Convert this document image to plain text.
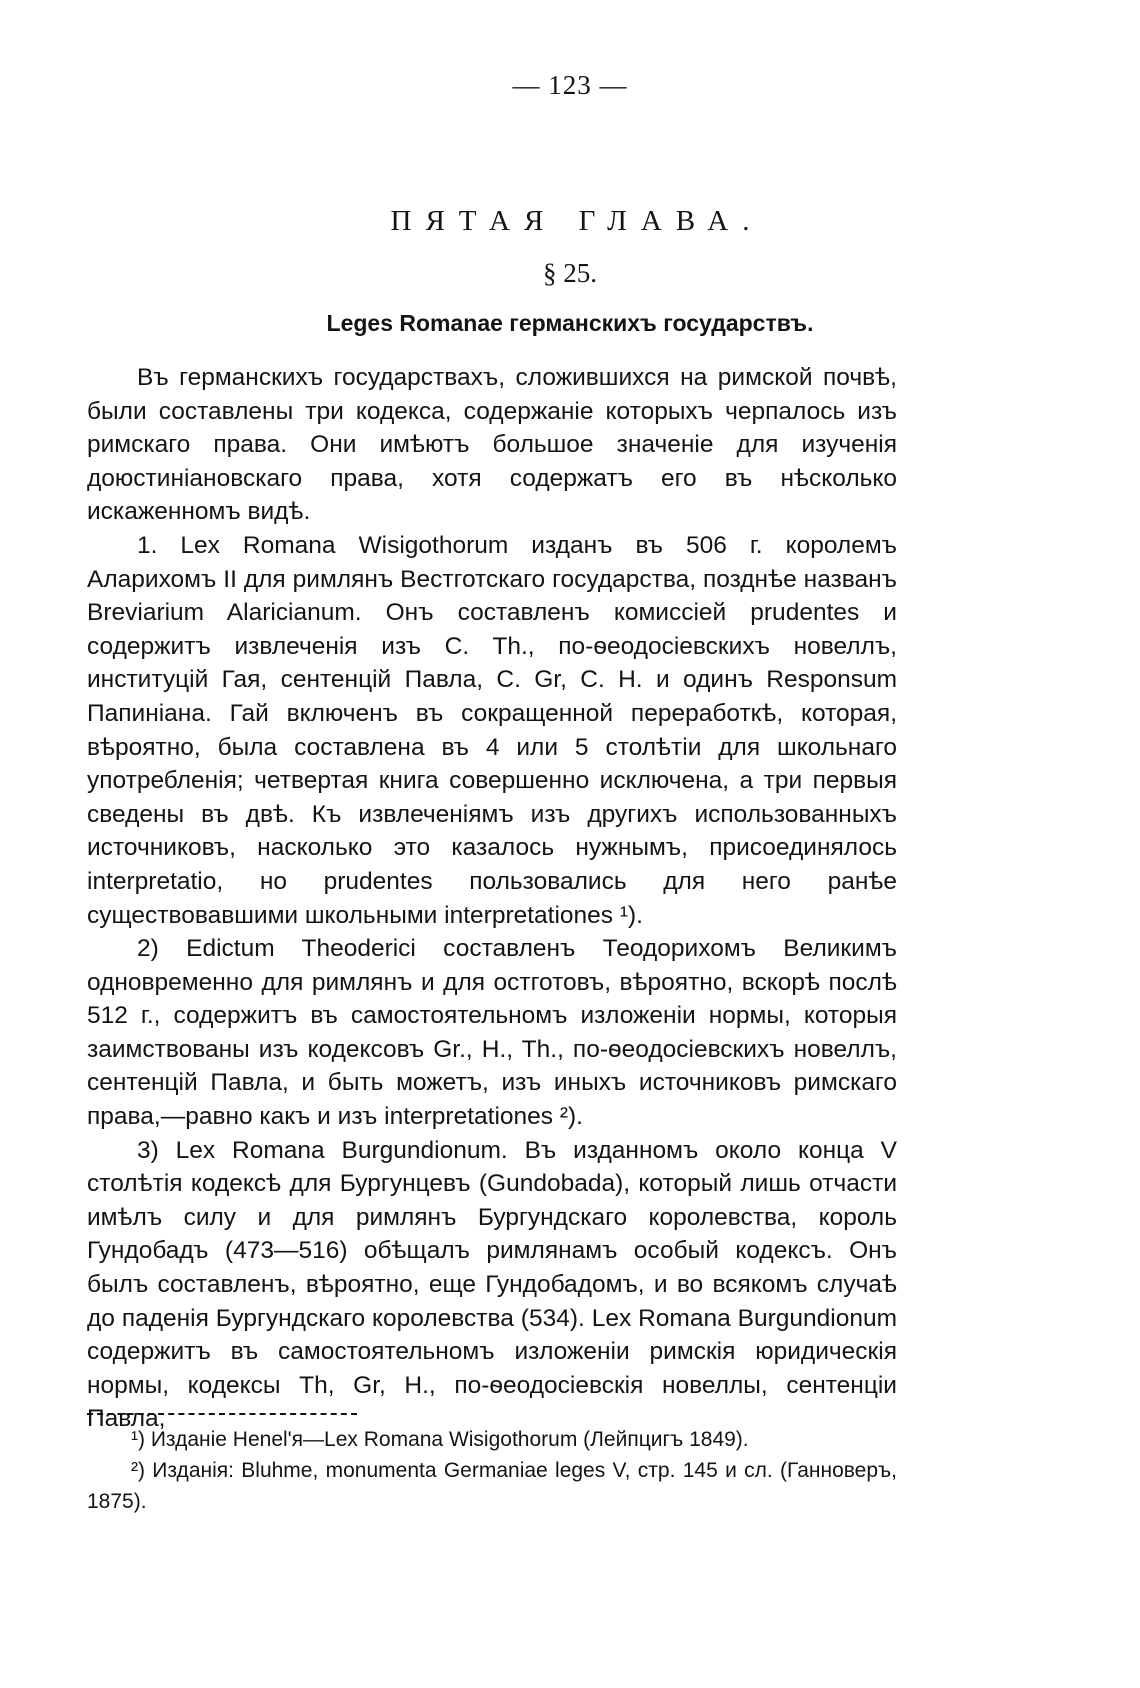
— 123 —
ПЯТАЯ ГЛАВА.
§ 25.
Leges Romanae германскихъ государствъ.

Въ германскихъ государствахъ, сложившихся на римской почвѣ, были составлены три кодекса, содержаніе которыхъ черпалось изъ римскаго права. Они имѣютъ большое значеніе для изученія доюстиніановскаго права, хотя содержатъ его въ нѣсколько искаженномъ видѣ.

1. Lex Romana Wisigothorum изданъ въ 506 г. королемъ Аларихомъ II для римлянъ Вестготскаго государства, позднѣе названъ Breviarium Alaricianum. Онъ составленъ комиссіей prudentes и содержитъ извлеченія изъ C. Th., по-ѳеодосіевскихъ новеллъ, институцій Гая, сентенцій Павла, C. Gr, C. H. и одинъ Responsum Папиніана. Гай включенъ въ сокращенной переработкѣ, которая, вѣроятно, была составлена въ 4 или 5 столѣтіи для школьнаго употребленія; четвертая книга совершенно исключена, а три первыя сведены въ двѣ. Къ извлеченіямъ изъ другихъ использованныхъ источниковъ, насколько это казалось нужнымъ, присоединялось interpretatio, но prudentes пользовались для него ранѣе существовавшими школьными interpretationes ¹).

2) Edictum Theoderici составленъ Теодорихомъ Великимъ одновременно для римлянъ и для остготовъ, вѣроятно, вскорѣ послѣ 512 г., содержитъ въ самостоятельномъ изложеніи нормы, которыя заимствованы изъ кодексовъ Gr., H., Th., по-ѳеодосіевскихъ новеллъ, сентенцій Павла, и быть можетъ, изъ иныхъ источниковъ римскаго права,—равно какъ и изъ interpretationes ²).

3) Lex Romana Burgundionum. Въ изданномъ около конца V столѣтія кодексѣ для Бургунцевъ (Gundobada), который лишь отчасти имѣлъ силу и для римлянъ Бургундскаго королевства, король Гундобадъ (473—516) обѣщалъ римлянамъ особый кодексъ. Онъ былъ составленъ, вѣроятно, еще Гундобадомъ, и во всякомъ случаѣ до паденія Бургундскаго королевства (534). Lex Romana Burgundionum содержитъ въ самостоятельномъ изложеніи римскія юридическія нормы, кодексы Th, Gr, H., по-ѳеодосіевскія новеллы, сентенціи Павла,

¹) Изданіе Henel'я—Lex Romana Wisigothorum (Лейпцигъ 1849).

²) Изданія: Bluhme, monumenta Germaniae leges V, стр. 145 и сл. (Ганноверъ, 1875).
